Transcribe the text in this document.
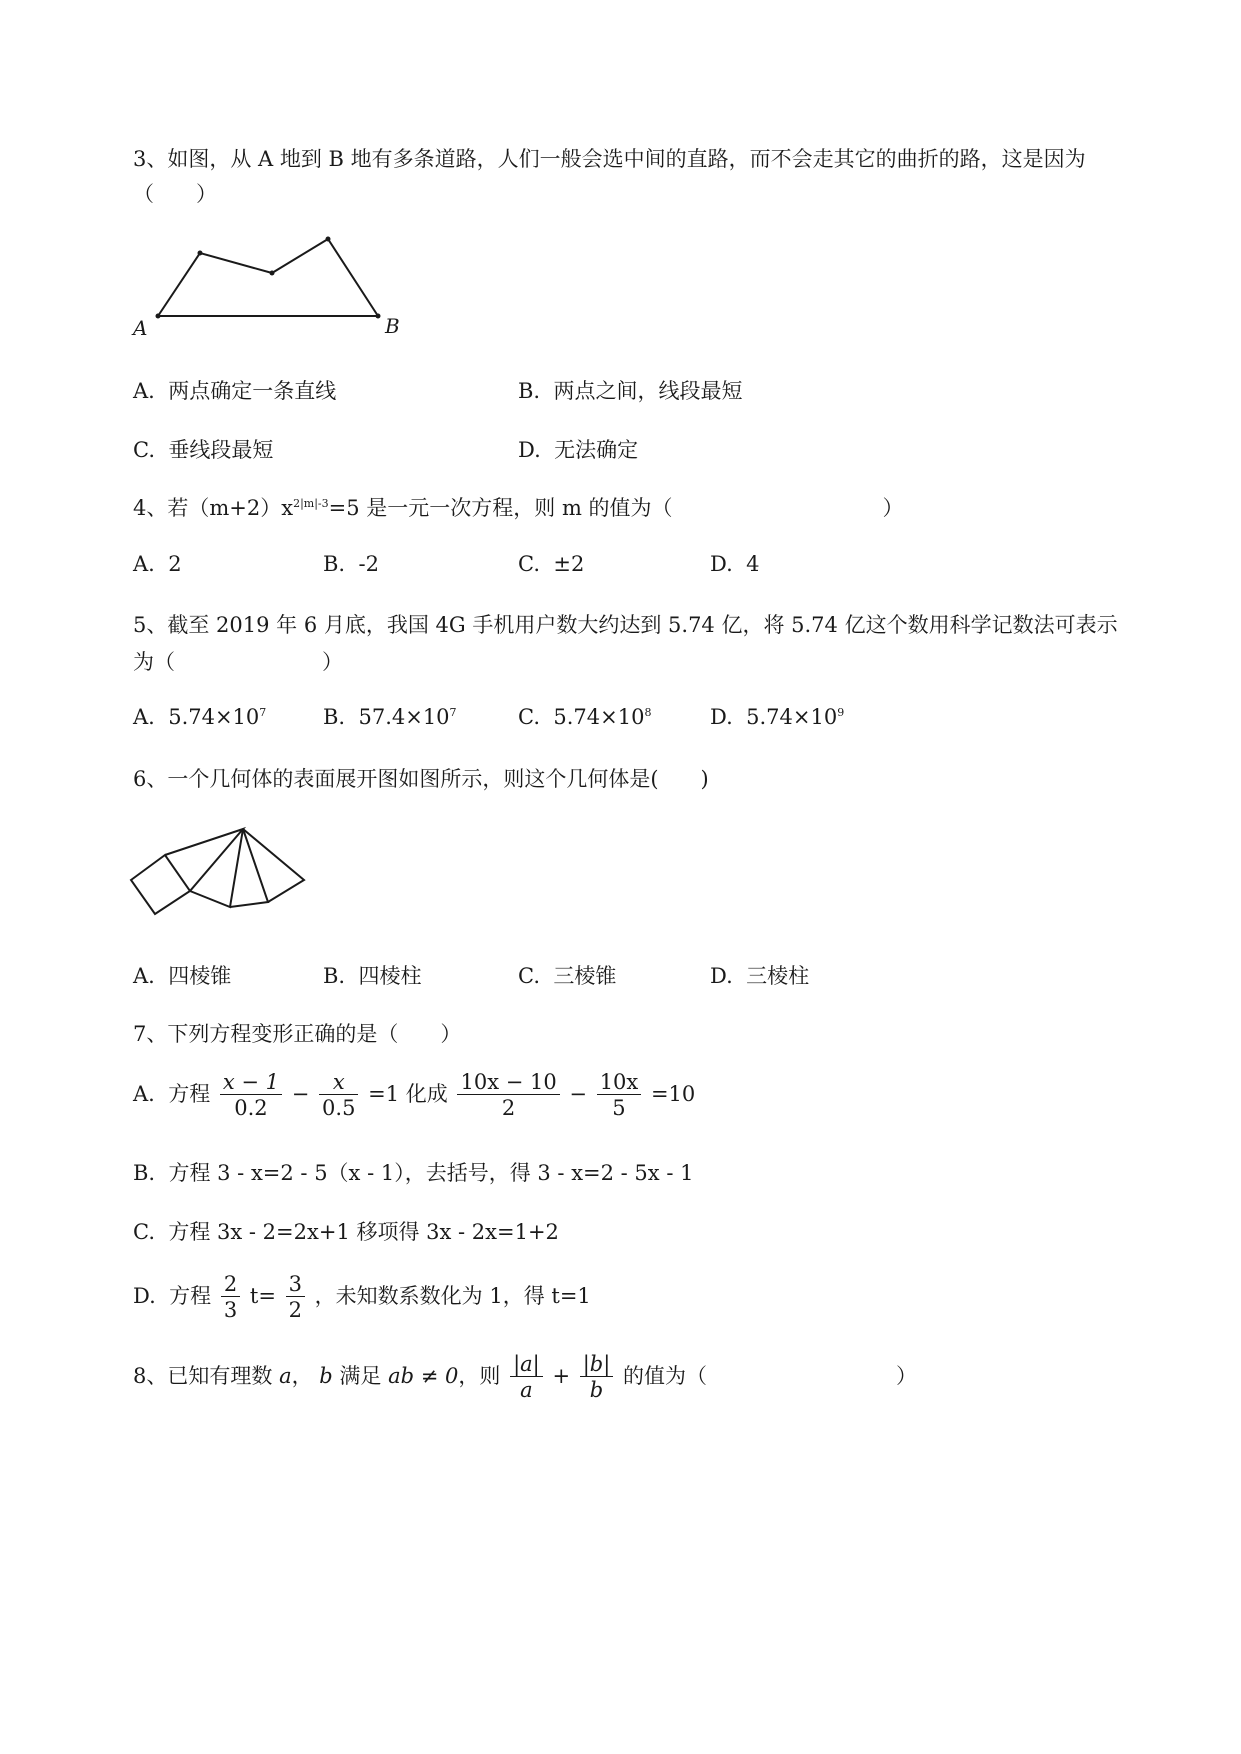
3、如图，从 A 地到 B 地有多条道路，人们一般会选中间的直路，而不会走其它的曲折的路，这是因为
（　　）
A	B
A. 两点确定一条直线	B. 两点之间，线段最短
C. 垂线段最短	D. 无法确定
4、若$(m+2)x^{2|m|-3}=5$ 是一元一次方程，则 m 的值为（　　　　　　　　　　）
A. 2	B. -2	C. ±2	D. 4
5、截至 2019 年 6 月底，我国 4G 手机用户数大约达到 5.74 亿，将 5.74 亿这个数用科学记数法可表示
为（　　　　　　　）
A. $5.74\times 10^7$	B. $57.4\times 10^7$	C. $5.74\times 10^8$	D. $5.74\times 10^9$
6、一个几何体的表面展开图如图所示，则这个几何体是(　　)
A. 四棱锥	B. 四棱柱	C. 三棱锥	D. 三棱柱
7、下列方程变形正确的是（　　）
A. 方程 $\frac{x - 1}{0.2} - \frac{x}{0.5} =1$ 化成 $\frac{10x - 10}{2} - \frac{10x}{5} =10$
B. 方程 3 - x=2 - 5（x - 1），去括号，得 3 - x=2 - 5x - 1
C. 方程 3x - 2=2x+1 移项得 3x - 2x=1+2
D. 方程 $\frac{2}{3} t= \frac{3}{2}$ ，未知数系数化为 1，得 t=1
8、已知有理数 a， b 满足 ab ≠ 0，则 $\frac{|a|}{a} + \frac{|b|}{b}$ 的值为（　　　　　　　　　）
